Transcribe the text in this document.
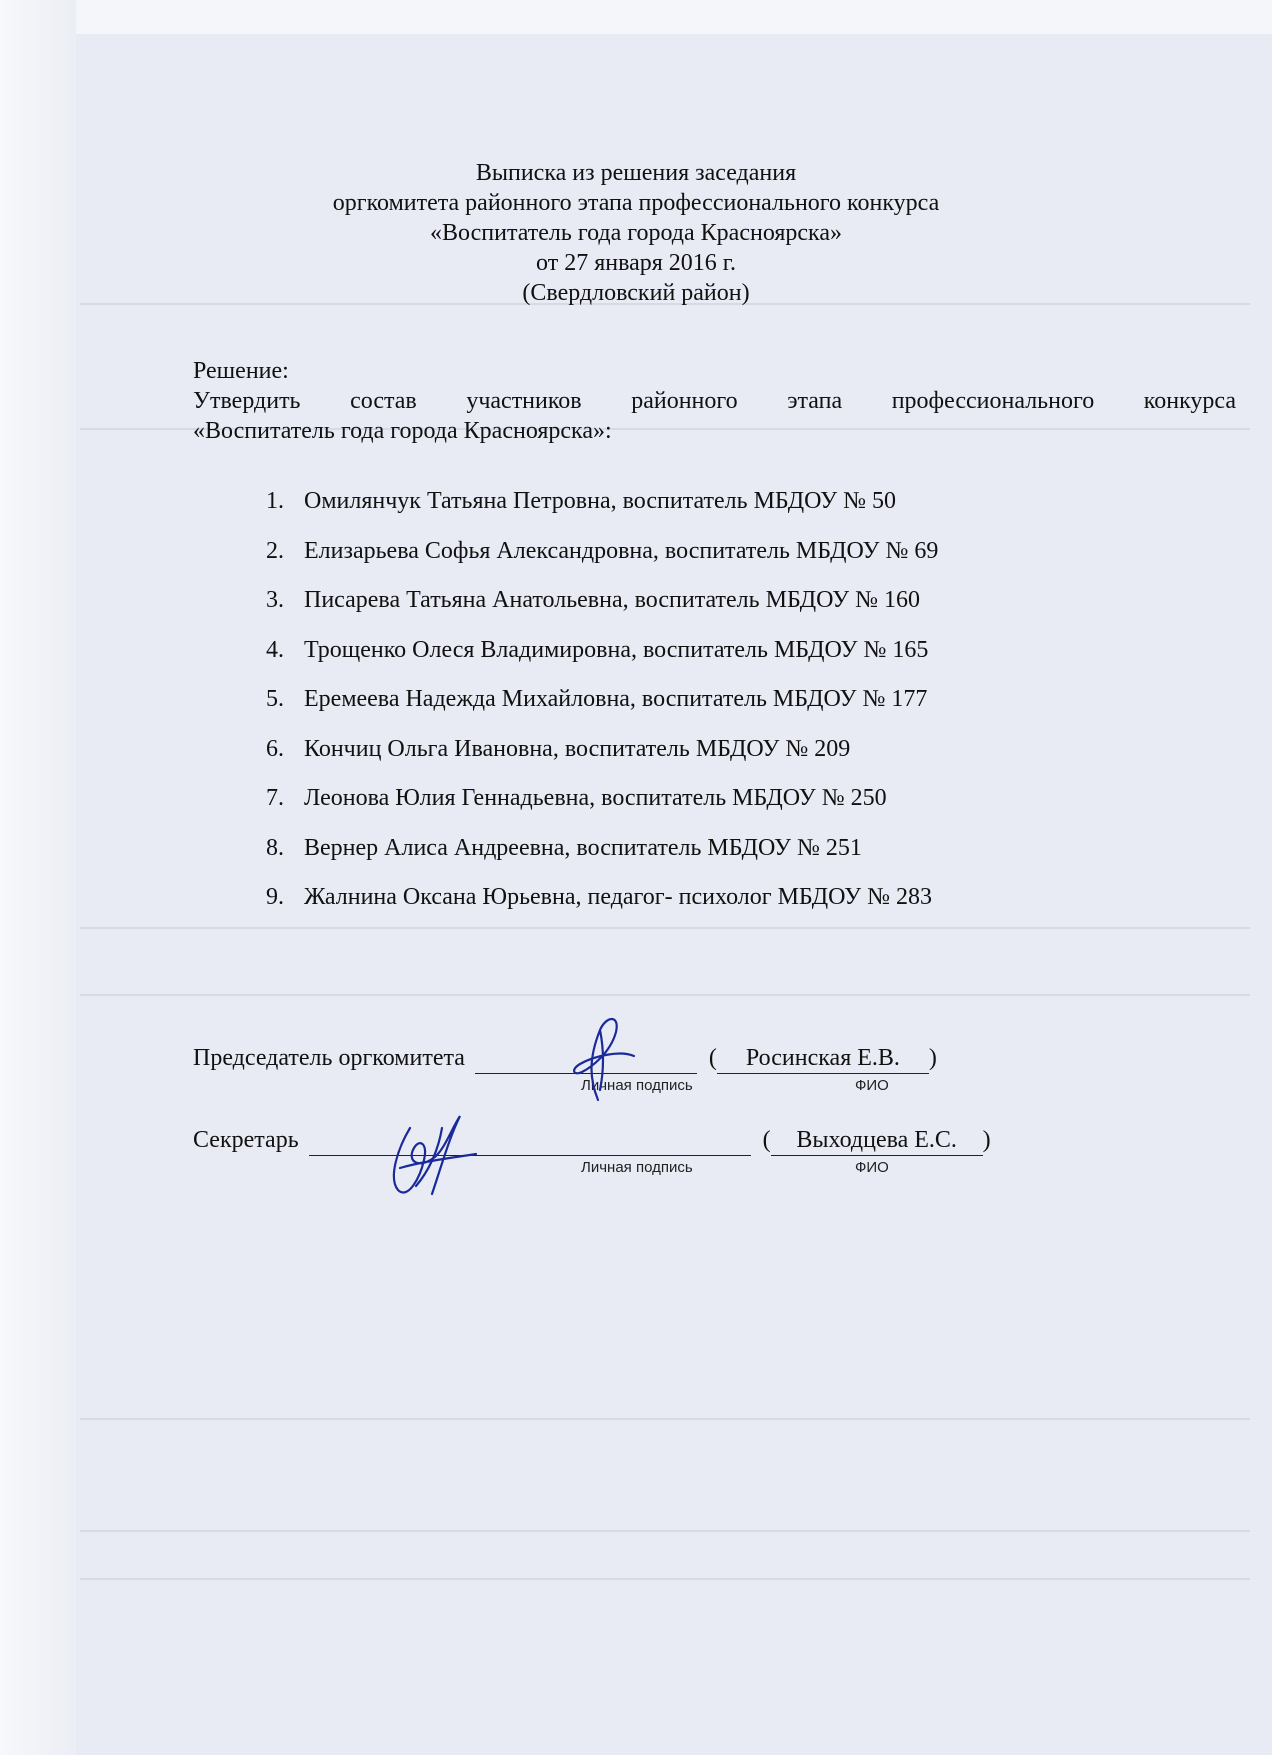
Выписка из решения заседания
оргкомитета районного этапа профессионального конкурса
«Воспитатель года города Красноярска»
от 27 января 2016 г.
(Свердловский район)
Решение:
Утвердить состав участников районного этапа профессионального конкурса
«Воспитатель года города Красноярска»:
1. Омилянчук Татьяна Петровна, воспитатель МБДОУ № 50
2. Елизарьева Софья Александровна, воспитатель МБДОУ № 69
3. Писарева Татьяна Анатольевна, воспитатель МБДОУ № 160
4. Трощенко Олеся Владимировна, воспитатель МБДОУ № 165
5. Еремеева Надежда Михайловна, воспитатель МБДОУ № 177
6. Кончиц Ольга Ивановна, воспитатель МБДОУ № 209
7. Леонова Юлия Геннадьевна, воспитатель МБДОУ № 250
8. Вернер Алиса Андреевна, воспитатель МБДОУ № 251
9. Жалнина Оксана Юрьевна, педагог- психолог МБДОУ № 283
Председатель оргкомитета	( Росинская Е.В. )
Личная подпись	ФИО
Секретарь	( Выходцева Е.С. )
Личная подпись	ФИО
